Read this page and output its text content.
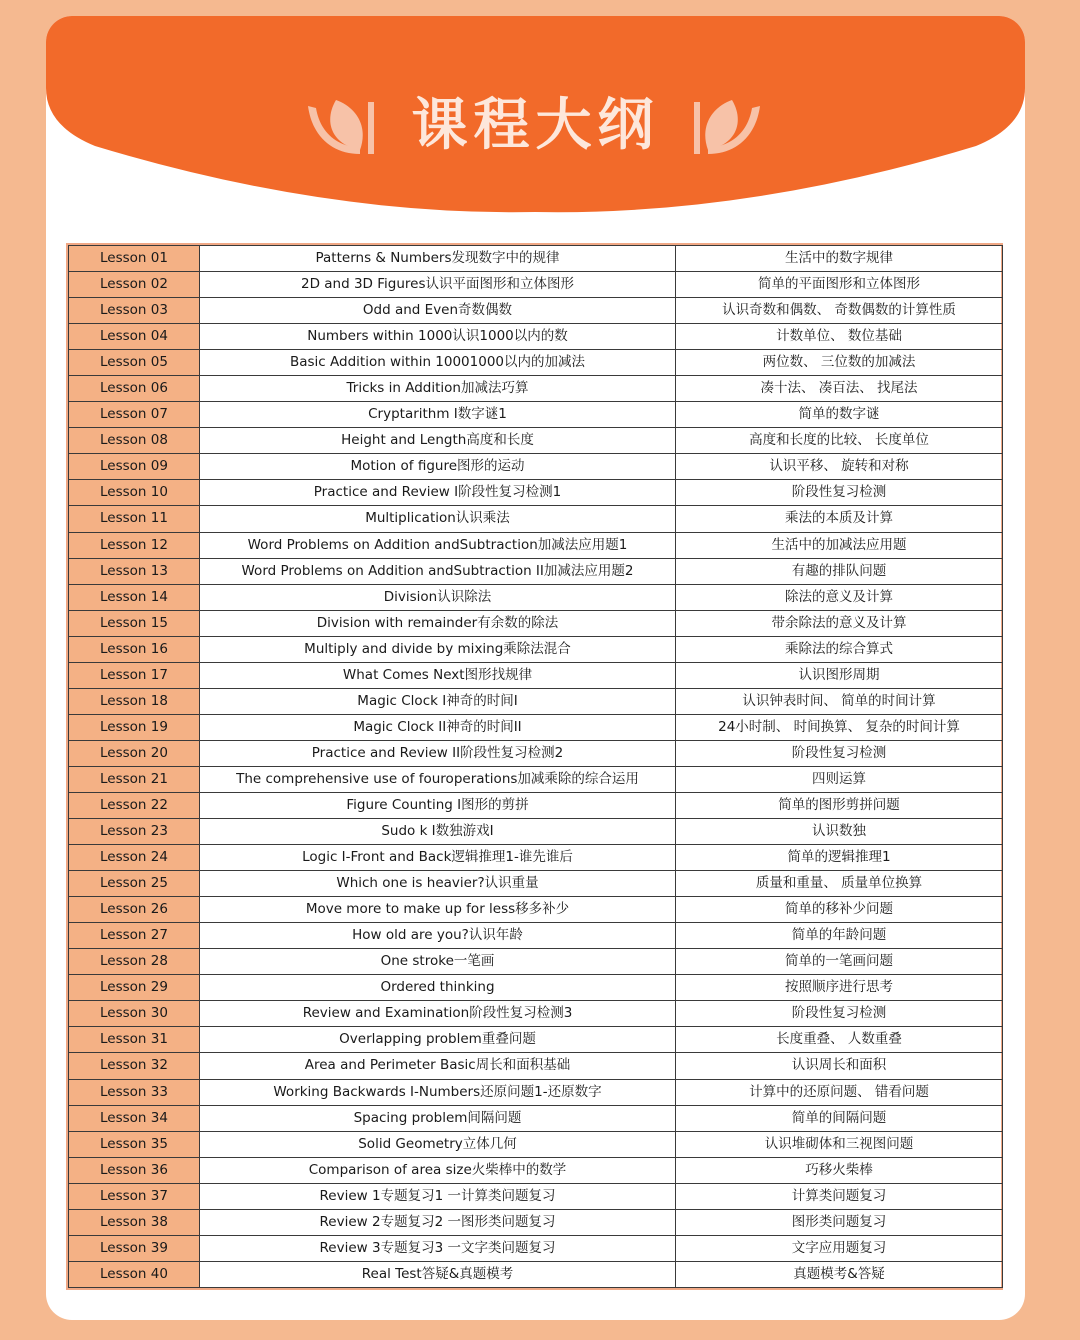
课程大纲
Lesson 01	Patterns & Numbers发现数字中的规律	生活中的数字规律
Lesson 02	2D and 3D Figures认识平面图形和立体图形	简单的平面图形和立体图形
Lesson 03	Odd and Even奇数偶数	认识奇数和偶数、 奇数偶数的计算性质
Lesson 04	Numbers within 1000认识1000以内的数	计数单位、 数位基础
Lesson 05	Basic Addition within 10001000以内的加减法	两位数、 三位数的加减法
Lesson 06	Tricks in Addition加减法巧算	凑十法、 凑百法、 找尾法
Lesson 07	Cryptarithm I数字谜1	简单的数字谜
Lesson 08	Height and Length高度和长度	高度和长度的比较、 长度单位
Lesson 09	Motion of figure图形的运动	认识平移、 旋转和对称
Lesson 10	Practice and Review I阶段性复习检测1	阶段性复习检测
Lesson 11	Multiplication认识乘法	乘法的本质及计算
Lesson 12	Word Problems on Addition andSubtraction加减法应用题1	生活中的加减法应用题
Lesson 13	Word Problems on Addition andSubtraction II加减法应用题2	有趣的排队问题
Lesson 14	Division认识除法	除法的意义及计算
Lesson 15	Division with remainder有余数的除法	带余除法的意义及计算
Lesson 16	Multiply and divide by mixing乘除法混合	乘除法的综合算式
Lesson 17	What Comes Next图形找规律	认识图形周期
Lesson 18	Magic Clock I神奇的时间I	认识钟表时间、 简单的时间计算
Lesson 19	Magic Clock II神奇的时间II	24小时制、 时间换算、 复杂的时间计算
Lesson 20	Practice and Review II阶段性复习检测2	阶段性复习检测
Lesson 21	The comprehensive use of fouroperations加减乘除的综合运用	四则运算
Lesson 22	Figure Counting I图形的剪拼	简单的图形剪拼问题
Lesson 23	Sudo k I数独游戏I	认识数独
Lesson 24	Logic I-Front and Back逻辑推理1-谁先谁后	简单的逻辑推理1
Lesson 25	Which one is heavier?认识重量	质量和重量、 质量单位换算
Lesson 26	Move more to make up for less移多补少	简单的移补少问题
Lesson 27	How old are you?认识年龄	简单的年龄问题
Lesson 28	One stroke一笔画	简单的一笔画问题
Lesson 29	Ordered thinking	按照顺序进行思考
Lesson 30	Review and Examination阶段性复习检测3	阶段性复习检测
Lesson 31	Overlapping problem重叠问题	长度重叠、 人数重叠
Lesson 32	Area and Perimeter Basic周长和面积基础	认识周长和面积
Lesson 33	Working Backwards I-Numbers还原问题1-还原数字	计算中的还原问题、 错看问题
Lesson 34	Spacing problem间隔问题	简单的间隔问题
Lesson 35	Solid Geometry立体几何	认识堆砌体和三视图问题
Lesson 36	Comparison of area size火柴棒中的数学	巧移火柴棒
Lesson 37	Review 1专题复习1 一计算类问题复习	计算类问题复习
Lesson 38	Review 2专题复习2 一图形类问题复习	图形类问题复习
Lesson 39	Review 3专题复习3 一文字类问题复习	文字应用题复习
Lesson 40	Real Test答疑&真题模考	真题模考&答疑
